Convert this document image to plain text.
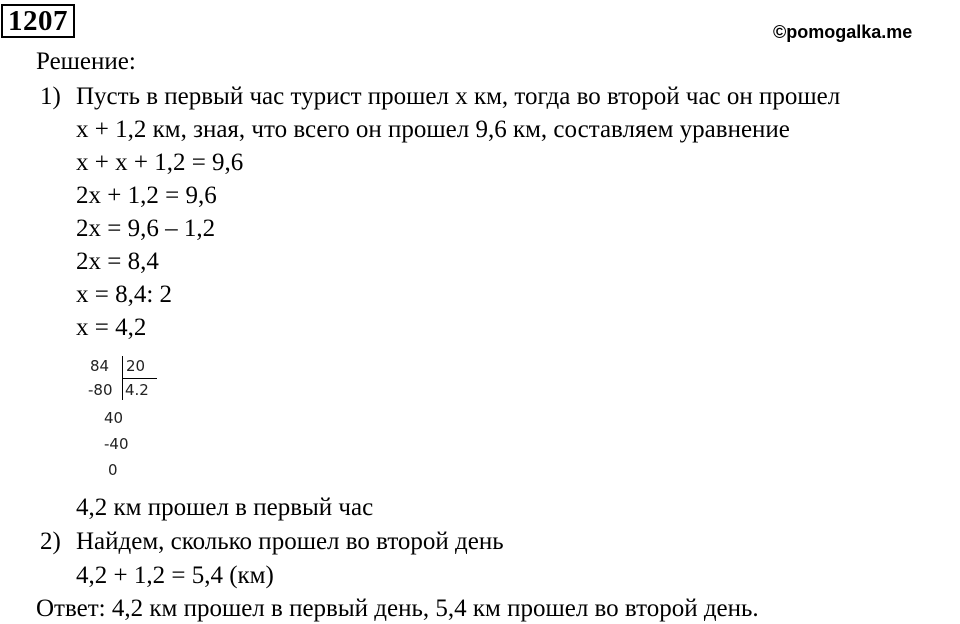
1207	©pomogalka.me
Решение:
1) Пусть в первый час турист прошел х км, тогда во второй час он прошел
х + 1,2 км, зная, что всего он прошел 9,6 км, составляем уравнение
х + х + 1,2 = 9,6
2х + 1,2 = 9,6
2х = 9,6 – 1,2
2х = 8,4
х = 8,4: 2
х = 4,2
84 20
-80 4.2
40
-40
0
4,2 км прошел в первый час
2) Найдем, сколько прошел во второй день
4,2 + 1,2 = 5,4 (км)
Ответ: 4,2 км прошел в первый день, 5,4 км прошел во второй день.
